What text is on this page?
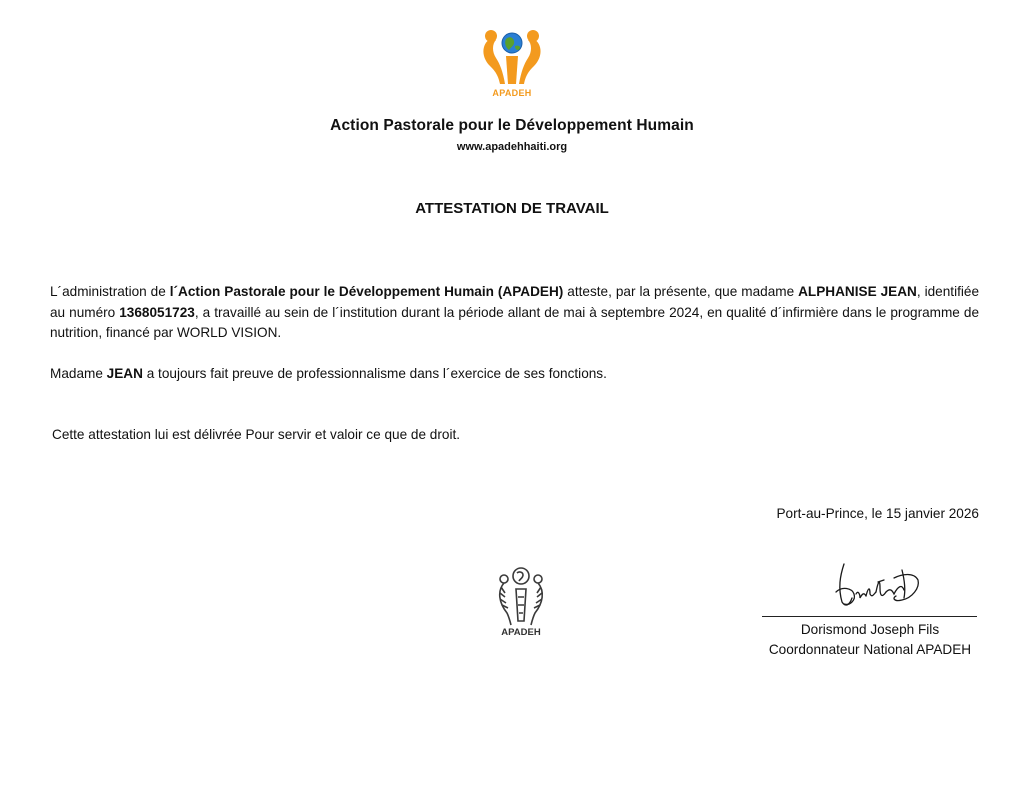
APADEH
Action Pastorale pour le Développement Humain
www.apadehhaiti.org
ATTESTATION DE TRAVAIL
L´administration de l´Action Pastorale pour le Développement Humain (APADEH) atteste, par la présente, que madame ALPHANISE JEAN, identifiée au numéro 1368051723, a travaillé au sein de l´institution durant la période allant de mai à septembre 2024, en qualité d´infirmière dans le programme de nutrition, financé par WORLD VISION.
Madame JEAN a toujours fait preuve de professionnalisme dans l´exercice de ses fonctions.
Cette attestation lui est délivrée Pour servir et valoir ce que de droit.
Port-au-Prince, le 15 janvier 2026
APADEH	Dorismond Joseph Fils
Coordonnateur National APADEH
